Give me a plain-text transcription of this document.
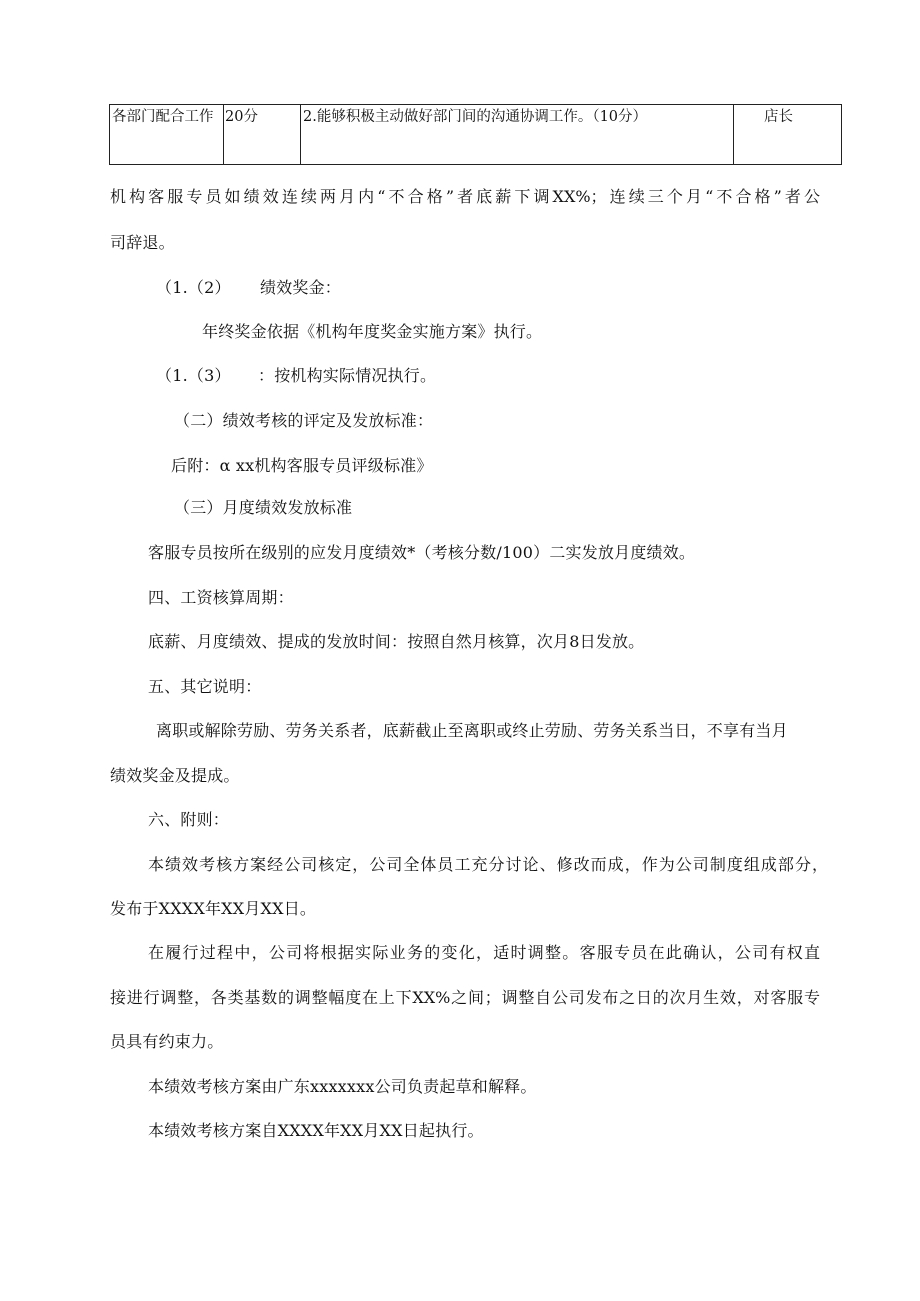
各部门配合工作	20分	2.能够积极主动做好部门间的沟通协调工作。（10分）	店长
机构客服专员如绩效连续两月内“不合格”者底薪下调XX%；连续三个月“不合格”者公
司辞退。
（1.（2） 绩效奖金：
年终奖金依据《机构年度奖金实施方案》执行。
（1.（3） ：按机构实际情况执行。
（二）绩效考核的评定及发放标准：
后附：α xx机构客服专员评级标准》
（三）月度绩效发放标准
客服专员按所在级别的应发月度绩效*（考核分数/100）二实发放月度绩效。
四、工资核算周期：
底薪、月度绩效、提成的发放时间：按照自然月核算，次月8日发放。
五、其它说明：
离职或解除劳励、劳务关系者，底薪截止至离职或终止劳励、劳务关系当日，不享有当月
绩效奖金及提成。
六、附则：
本绩效考核方案经公司核定，公司全体员工充分讨论、修改而成，作为公司制度组成部分，
发布于XXXX年XX月XX日。
在履行过程中，公司将根据实际业务的变化，适时调整。客服专员在此确认，公司有权直
接进行调整，各类基数的调整幅度在上下XX%之间；调整自公司发布之日的次月生效，对客服专
员具有约束力。
本绩效考核方案由广东xxxxxxx公司负责起草和解释。
本绩效考核方案自XXXX年XX月XX日起执行。
